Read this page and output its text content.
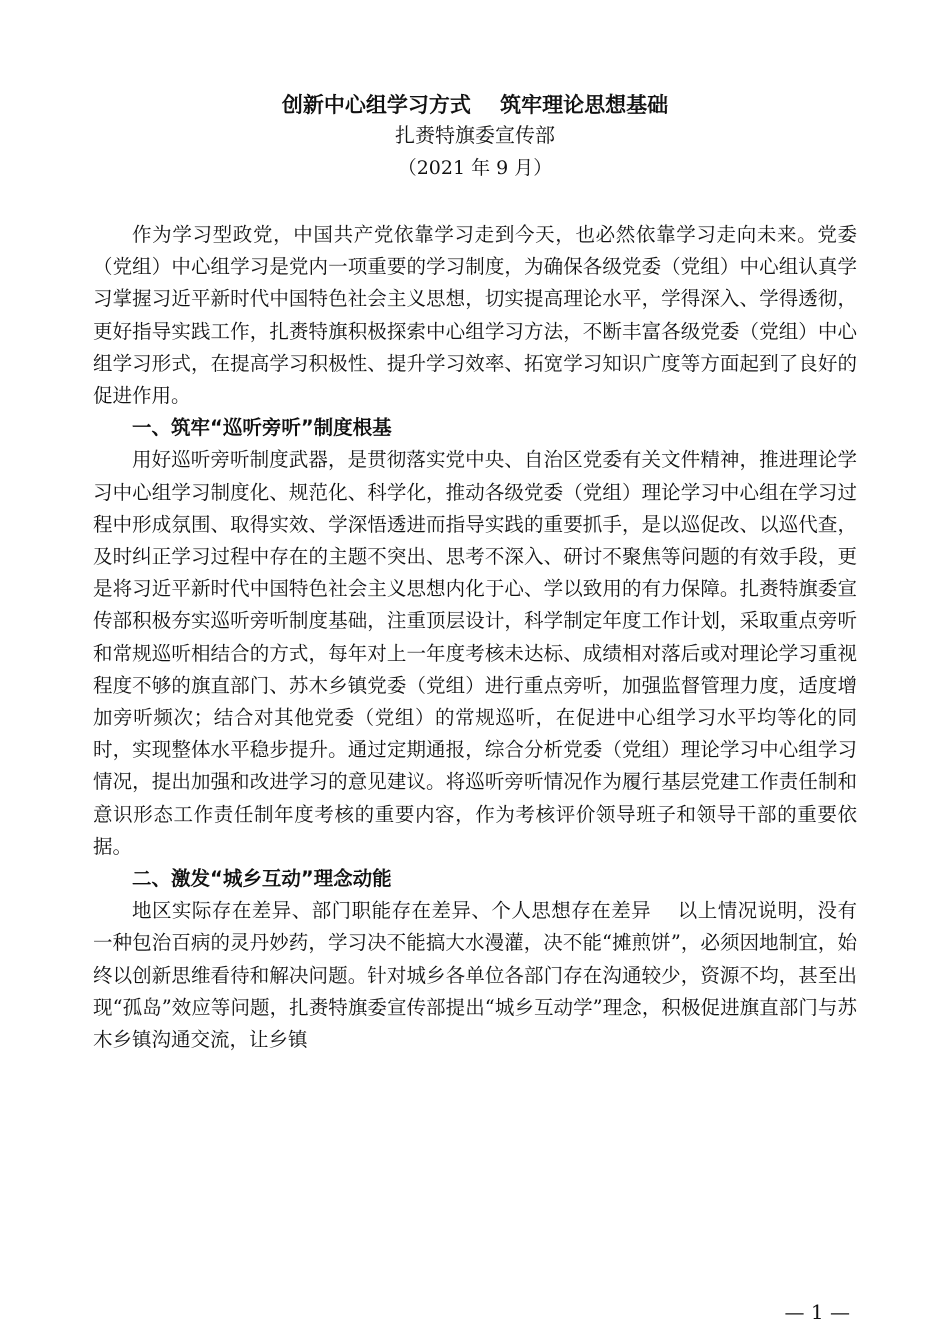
创新中心组学习方式    筑牢理论思想基础
扎赉特旗委宣传部
（2021 年 9 月）

作为学习型政党，中国共产党依靠学习走到今天，也必然依靠学习走向未来。党委（党组）中心组学习是党内一项重要的学习制度，为确保各级党委（党组）中心组认真学习掌握习近平新时代中国特色社会主义思想，切实提高理论水平，学得深入、学得透彻，更好指导实践工作，扎赉特旗积极探索中心组学习方法，不断丰富各级党委（党组）中心组学习形式，在提高学习积极性、提升学习效率、拓宽学习知识广度等方面起到了良好的促进作用。

一、筑牢“巡听旁听”制度根基

用好巡听旁听制度武器，是贯彻落实党中央、自治区党委有关文件精神，推进理论学习中心组学习制度化、规范化、科学化，推动各级党委（党组）理论学习中心组在学习过程中形成氛围、取得实效、学深悟透进而指导实践的重要抓手，是以巡促改、以巡代查，及时纠正学习过程中存在的主题不突出、思考不深入、研讨不聚焦等问题的有效手段，更是将习近平新时代中国特色社会主义思想内化于心、学以致用的有力保障。扎赉特旗委宣传部积极夯实巡听旁听制度基础，注重顶层设计，科学制定年度工作计划，采取重点旁听和常规巡听相结合的方式，每年对上一年度考核未达标、成绩相对落后或对理论学习重视程度不够的旗直部门、苏木乡镇党委（党组）进行重点旁听，加强监督管理力度，适度增加旁听频次；结合对其他党委（党组）的常规巡听，在促进中心组学习水平均等化的同时，实现整体水平稳步提升。通过定期通报，综合分析党委（党组）理论学习中心组学习情况，提出加强和改进学习的意见建议。将巡听旁听情况作为履行基层党建工作责任制和意识形态工作责任制年度考核的重要内容，作为考核评价领导班子和领导干部的重要依据。

二、激发“城乡互动”理念动能

地区实际存在差异、部门职能存在差异、个人思想存在差异　 以上情况说明，没有一种包治百病的灵丹妙药，学习决不能搞大水漫灌，决不能“摊煎饼”，必须因地制宜，始终以创新思维看待和解决问题。针对城乡各单位各部门存在沟通较少，资源不均，甚至出现“孤岛”效应等问题，扎赉特旗委宣传部提出“城乡互动学”理念，积极促进旗直部门与苏木乡镇沟通交流，让乡镇

— 1 —
